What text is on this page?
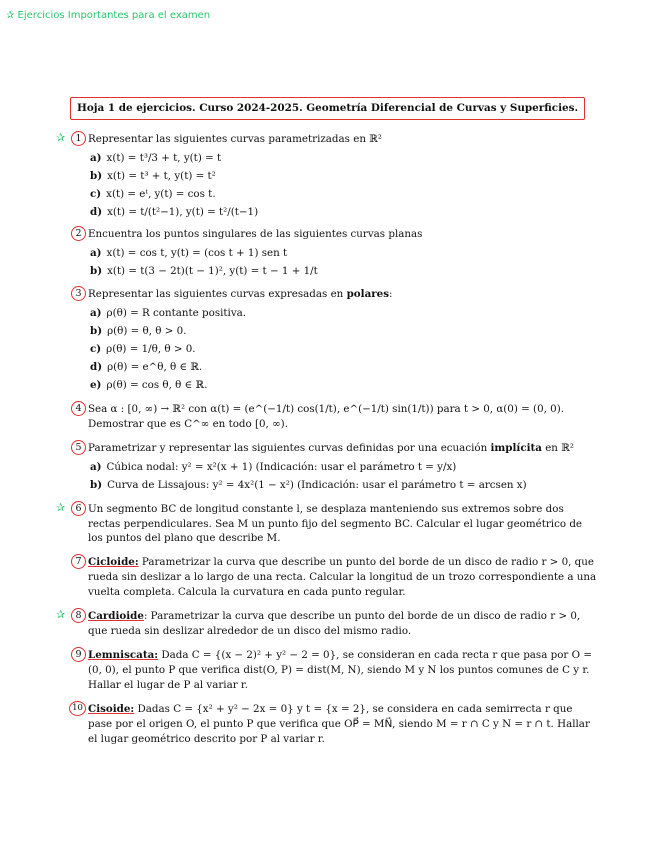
✰ Ejercicios Importantes para el examen
Hoja 1 de ejercicios. Curso 2024-2025. Geometría Diferencial de Curvas y Superficies.
✰	1 Representar las siguientes curvas parametrizadas en ℝ²

a) x(t) = t³/3 + t, y(t) = t
b) x(t) = t³ + t, y(t) = t²
c) x(t) = eᵗ, y(t) = cos t.
d) x(t) = t/(t²−1), y(t) = t²/(t−1)
2 Encuentra los puntos singulares de las siguientes curvas planas

a) x(t) = cos t, y(t) = (cos t + 1) sen t
b) x(t) = t(3 − 2t)(t − 1)², y(t) = t − 1 + 1/t
3 Representar las siguientes curvas expresadas en polares:

a) ρ(θ) = R contante positiva.
b) ρ(θ) = θ, θ > 0.
c) ρ(θ) = 1/θ, θ > 0.
d) ρ(θ) = e^θ, θ ∈ ℝ.
e) ρ(θ) = cos θ, θ ∈ ℝ.
4 Sea α : [0, ∞) → ℝ² con α(t) = (e^(−1/t) cos(1/t), e^(−1/t) sin(1/t)) para t > 0, α(0) = (0, 0). Demostrar que es C^∞ en todo [0, ∞).

5 Parametrizar y representar las siguientes curvas definidas por una ecuación implícita en ℝ²

a) Cúbica nodal: y² = x²(x + 1) (Indicación: usar el parámetro t = y/x)
b) Curva de Lissajous: y² = 4x²(1 − x²) (Indicación: usar el parámetro t = arcsen x)
✰	6 Un segmento BC de longitud constante l, se desplaza manteniendo sus extremos sobre dos rectas perpendiculares. Sea M un punto fijo del segmento BC. Calcular el lugar geométrico de los puntos del plano que describe M.

7 Cicloide: Parametrizar la curva que describe un punto del borde de un disco de radio r > 0, que rueda sin deslizar a lo largo de una recta. Calcular la longitud de un trozo correspondiente a una vuelta completa. Calcula la curvatura en cada punto regular.

✰	8 Cardioide: Parametrizar la curva que describe un punto del borde de un disco de radio r > 0, que rueda sin deslizar alrededor de un disco del mismo radio.

9 Lemniscata: Dada C = {(x − 2)² + y² − 2 = 0}, se consideran en cada recta r que pasa por O = (0, 0), el punto P que verifica dist(O, P) = dist(M, N), siendo M y N los puntos comunes de C y r. Hallar el lugar de P al variar r.

10 Cisoide: Dadas C = {x² + y² − 2x = 0} y t = {x = 2}, se considera en cada semirrecta r que pase por el origen O, el punto P que verifica que OP⃗ = MN⃗, siendo M = r ∩ C y N = r ∩ t. Hallar el lugar geométrico descrito por P al variar r.
